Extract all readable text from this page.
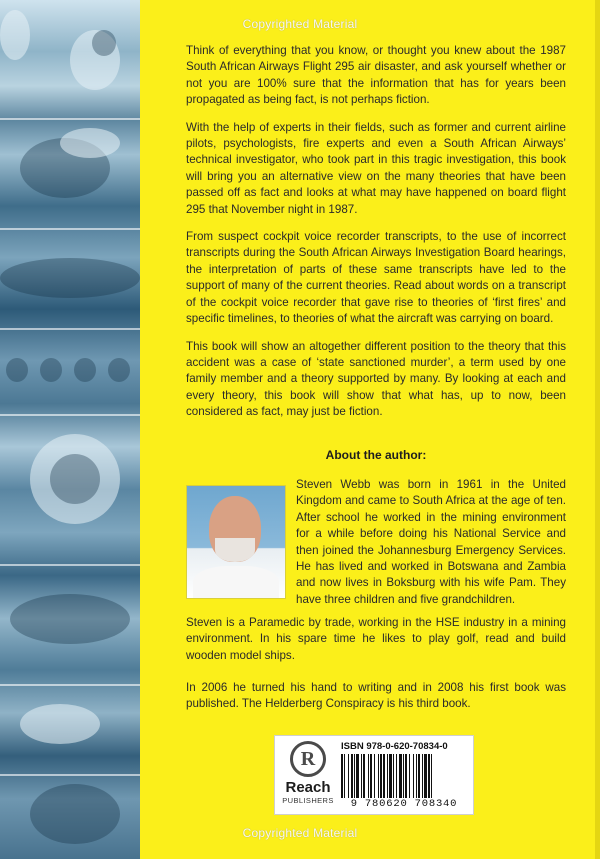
Copyrighted Material

Think of everything that you know, or thought you knew about the 1987 South African Airways Flight 295 air disaster, and ask yourself whether or not you are 100% sure that the information that has for years been propagated as being fact, is not perhaps fiction.

With the help of experts in their fields, such as former and current airline pilots, psychologists, fire experts and even a South African Airways’ technical investigator, who took part in this tragic investigation, this book will bring you an alternative view on the many theories that have been passed off as fact and looks at what may have happened on board flight 295 that November night in 1987.

From suspect cockpit voice recorder transcripts, to the use of incorrect transcripts during the South African Airways Investigation Board hearings, the interpretation of parts of these same transcripts have led to the support of many of the current theories. Read about words on a transcript of the cockpit voice recorder that gave rise to theories of ‘first fires’ and specific timelines, to theories of what the aircraft was carrying on board.

This book will show an altogether different position to the theory that this accident was a case of ‘state sanctioned murder’, a term used by one family member and a theory supported by many. By looking at each and every theory, this book will show that what has, up to now, been considered as fact, may just be fiction.

About the author:
Steven Webb was born in 1961 in the United Kingdom and came to South Africa at the age of ten. After school he worked in the mining environment for a while before doing his National Service and then joined the Johannesburg Emergency Services. He has lived and worked in Botswana and Zambia and now lives in Boksburg with his wife Pam. They have three children and five grandchildren.
Steven is a Paramedic by trade, working in the HSE industry in a mining environment. In his spare time he likes to play golf, read and build wooden model ships.
In 2006 he turned his hand to writing and in 2008 his first book was published. The Helderberg Conspiracy is his third book.
R
Reach
PUBLISHERS
ISBN 978-0-620-70834-0
9 780620 708340
Copyrighted Material
